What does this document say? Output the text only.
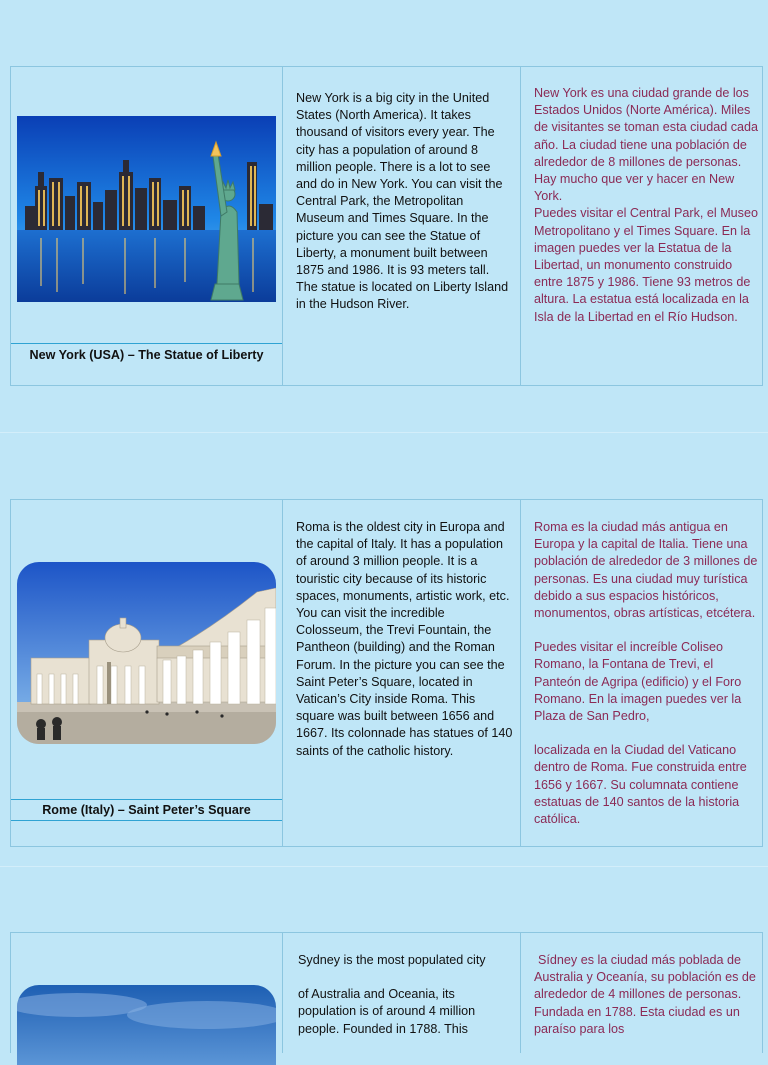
New York (USA) – The Statue of Liberty
New York is a big city in the United States (North America). It takes thousand of visitors every year. The city has a population of around 8 million people. There is a lot to see and do in New York. You can visit the Central Park, the Metropolitan Museum and Times Square. In the picture you can see the Statue of Liberty, a monument built between 1875 and 1986. It is 93 meters tall. The statue is located on Liberty Island in the Hudson River.

New York es una ciudad grande de los Estados Unidos (Norte América). Miles de visitantes se toman esta ciudad cada año. La ciudad tiene una población de alrededor de 8 millones de personas. Hay mucho que ver y hacer en New York.

Puedes visitar el Central Park, el Museo Metropolitano y el Times Square. En la imagen puedes ver la Estatua de la Libertad, un monumento construido entre 1875 y 1986. Tiene 93 metros de altura. La estatua está localizada en la Isla de la Libertad en el Río Hudson.

Rome (Italy) – Saint Peter’s Square
Roma is the oldest city in Europa and the capital of Italy. It has a population of around 3 million people. It is a touristic city because of its historic spaces, monuments, artistic work, etc. You can visit the incredible Colosseum, the Trevi Fountain, the Pantheon (building) and the Roman Forum. In the picture you can see the Saint Peter’s Square, located in Vatican’s City inside Roma. This square was built between 1656 and 1667. Its colonnade has statues of 140 saints of the catholic history.

Roma es la ciudad más antigua en

Europa y la capital de Italia. Tiene una población de alrededor de 3 millones de personas. Es una ciudad muy turística debido a sus espacios históricos, monumentos, obras artísticas, etcétera.

Puedes visitar el increíble Coliseo Romano, la Fontana de Trevi, el Panteón de Agripa (edificio) y el Foro Romano. En la imagen puedes ver la Plaza de San Pedro,

localizada en la Ciudad del Vaticano dentro de Roma. Fue construida entre 1656 y 1667. Su columnata contiene estatuas de 140 santos de la historia católica.

Sydney is the most populated city

of Australia and Oceania, its population is of around 4 million people. Founded in 1788. This

Sídney es la ciudad más poblada de Australia y Oceanía, su población es de alrededor de 4 millones de personas. Fundada en 1788. Esta ciudad es un paraíso para los
